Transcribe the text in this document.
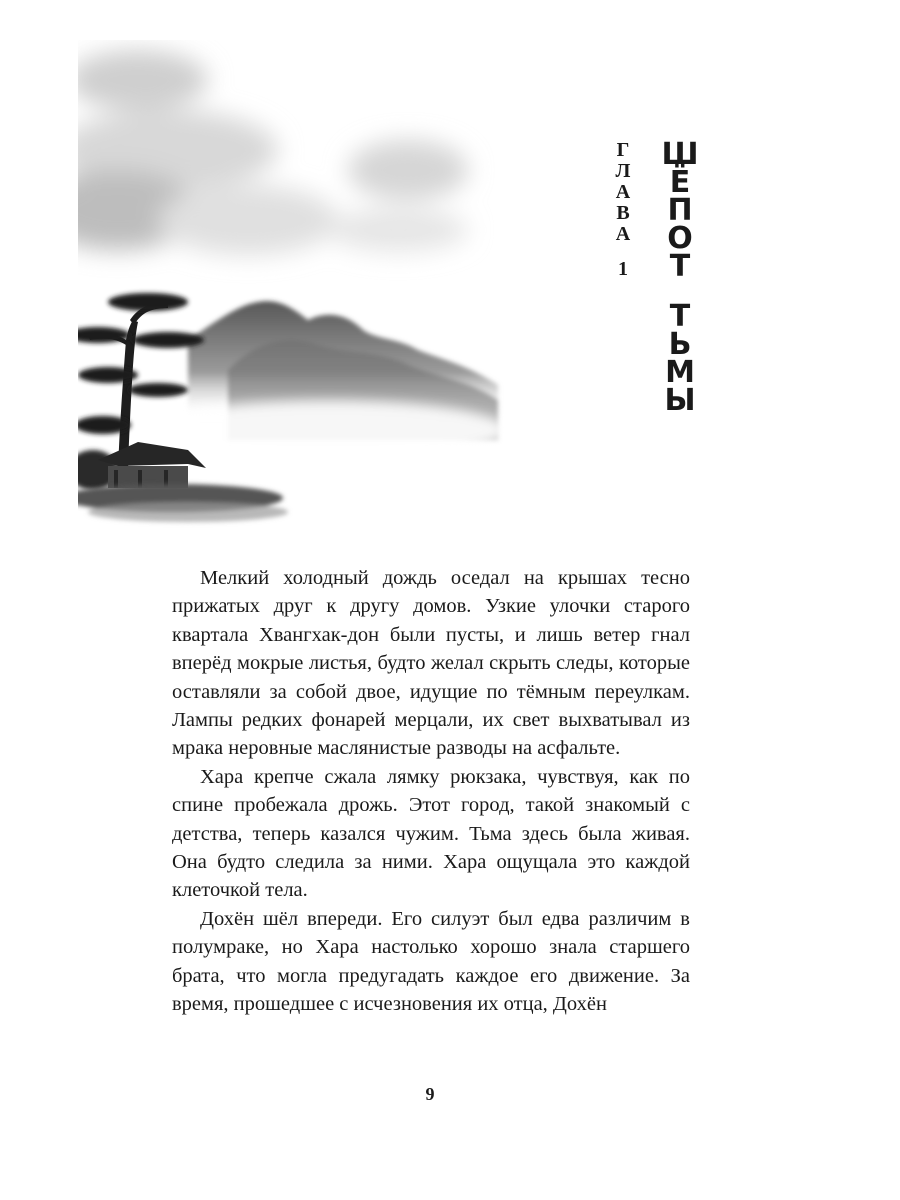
Г
Л
А
В
А
1
Ш
Ё
П
О
Т
Т
Ь
М
Ы

Мелкий холодный дождь оседал на крышах тесно прижатых друг к другу домов. Узкие улочки старого квартала Хвангхак-дон были пусты, и лишь ветер гнал вперёд мокрые листья, будто желал скрыть следы, которые оставляли за собой двое, идущие по тёмным переулкам. Лампы редких фонарей мерцали, их свет выхватывал из мрака неровные маслянистые разводы на асфальте.

Хара крепче сжала лямку рюкзака, чувствуя, как по спине пробежала дрожь. Этот город, такой знакомый с детства, теперь казался чужим. Тьма здесь была живая. Она будто следила за ними. Хара ощущала это каждой клеточкой тела.

Дохён шёл впереди. Его силуэт был едва различим в полумраке, но Хара настолько хорошо знала старшего брата, что могла предугадать каждое его движение. За время, прошедшее с исчезновения их отца, Дохён

9
